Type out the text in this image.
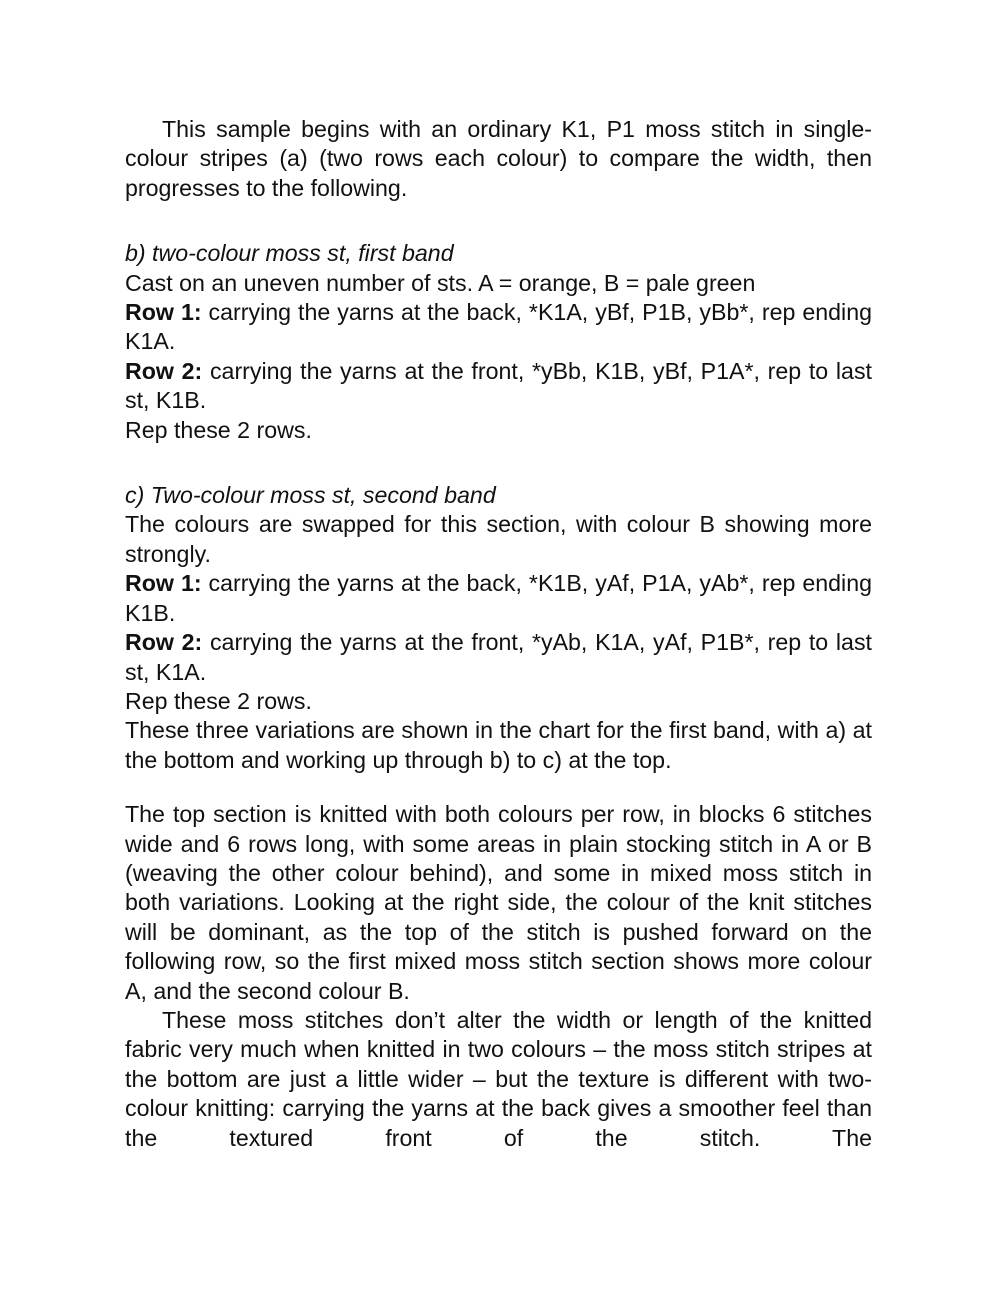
This sample begins with an ordinary K1, P1 moss stitch in single-colour stripes (a) (two rows each colour) to compare the width, then progresses to the following.

b) two-colour moss st, first band

Cast on an uneven number of sts. A = orange, B = pale green

Row 1: carrying the yarns at the back, *K1A, yBf, P1B, yBb*, rep ending K1A.

Row 2: carrying the yarns at the front, *yBb, K1B, yBf, P1A*, rep to last st, K1B.

Rep these 2 rows.

c) Two-colour moss st, second band

The colours are swapped for this section, with colour B showing more strongly.

Row 1: carrying the yarns at the back, *K1B, yAf, P1A, yAb*, rep ending K1B.

Row 2: carrying the yarns at the front, *yAb, K1A, yAf, P1B*, rep to last st, K1A.

Rep these 2 rows.

These three variations are shown in the chart for the first band, with a) at the bottom and working up through b) to c) at the top.

The top section is knitted with both colours per row, in blocks 6 stitches wide and 6 rows long, with some areas in plain stocking stitch in A or B (weaving the other colour behind), and some in mixed moss stitch in both variations. Looking at the right side, the colour of the knit stitches will be dominant, as the top of the stitch is pushed forward on the following row, so the first mixed moss stitch section shows more colour A, and the second colour B.

These moss stitches don’t alter the width or length of the knitted fabric very much when knitted in two colours – the moss stitch stripes at the bottom are just a little wider – but the texture is different with two-colour knitting: carrying the yarns at the back gives a smoother feel than the textured front of the stitch. The
